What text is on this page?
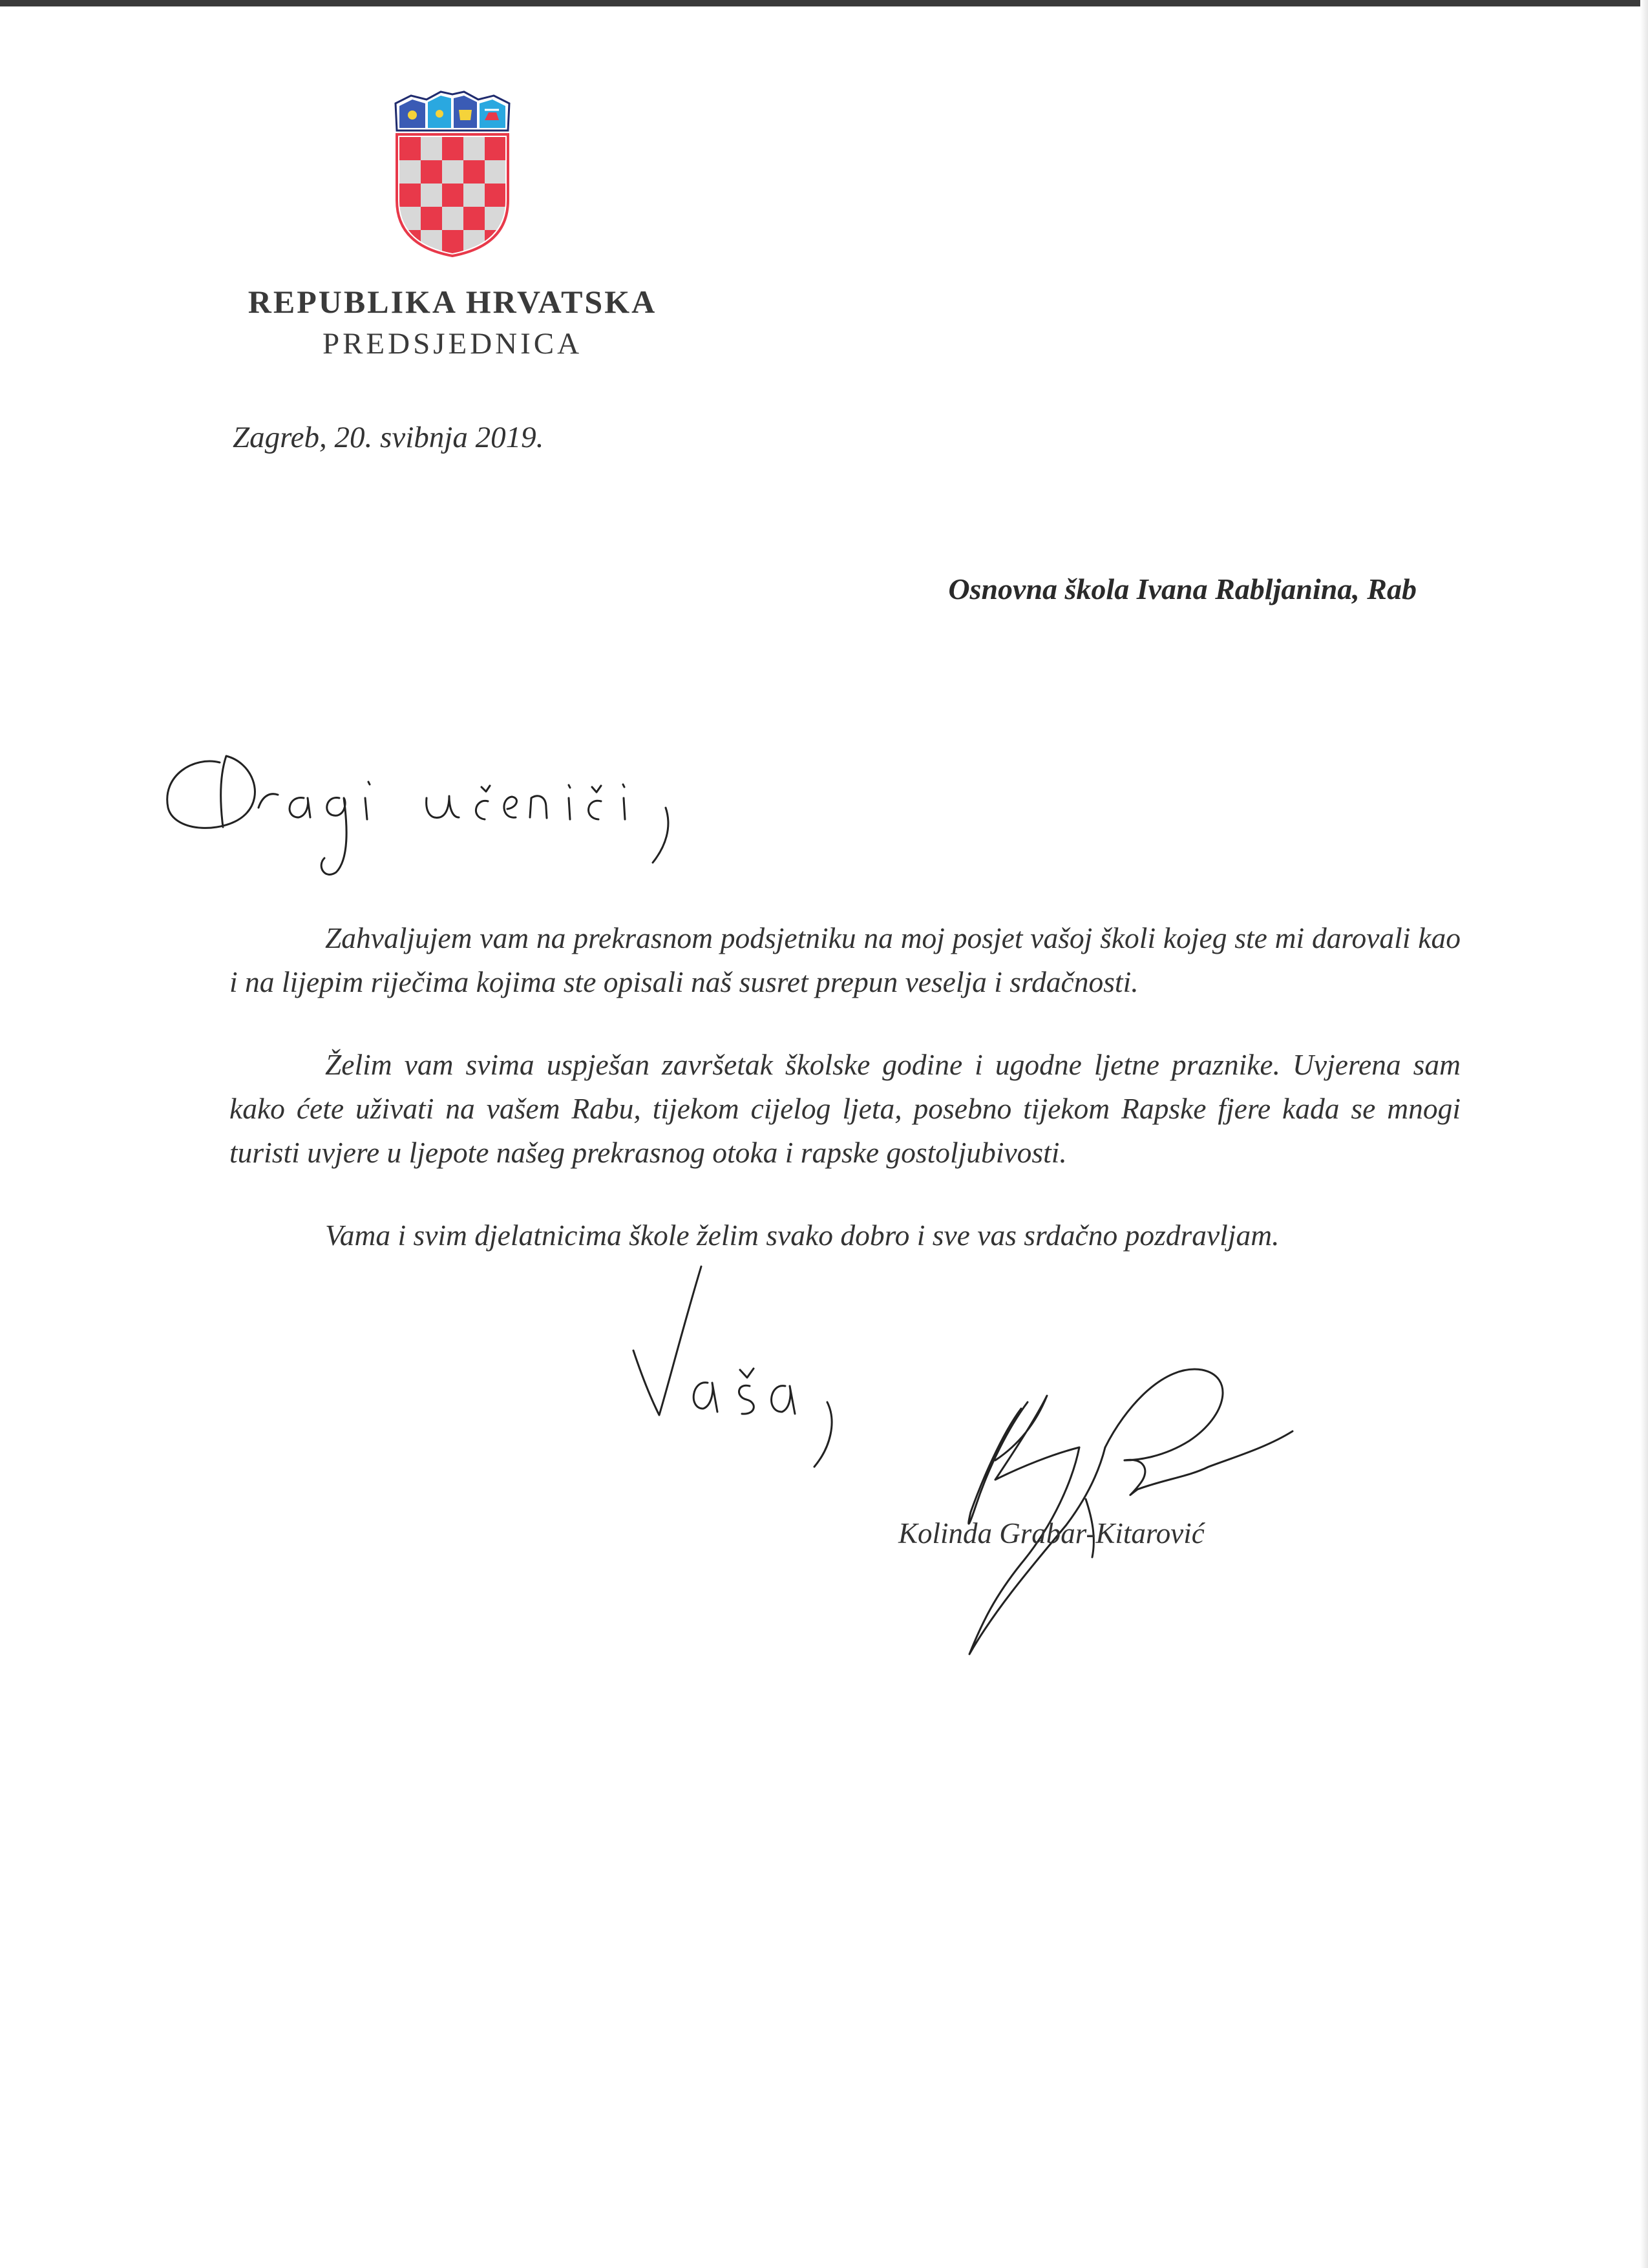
REPUBLIKA HRVATSKA
PREDSJEDNICA
Zagreb, 20. svibnja 2019.
Osnovna škola Ivana Rabljanina, Rab

Zahvaljujem vam na prekrasnom podsjetniku na moj posjet vašoj školi kojeg ste mi darovali kao i na lijepim riječima kojima ste opisali naš susret prepun veselja i srdačnosti.

Želim vam svima uspješan završetak školske godine i ugodne ljetne praznike. Uvjerena sam kako ćete uživati na vašem Rabu, tijekom cijelog ljeta, posebno tijekom Rapske fjere kada se mnogi turisti uvjere u ljepote našeg prekrasnog otoka i rapske gostoljubivosti.

Vama i svim djelatnicima škole želim svako dobro i sve vas srdačno pozdravljam.

Kolinda Grabar-Kitarović
